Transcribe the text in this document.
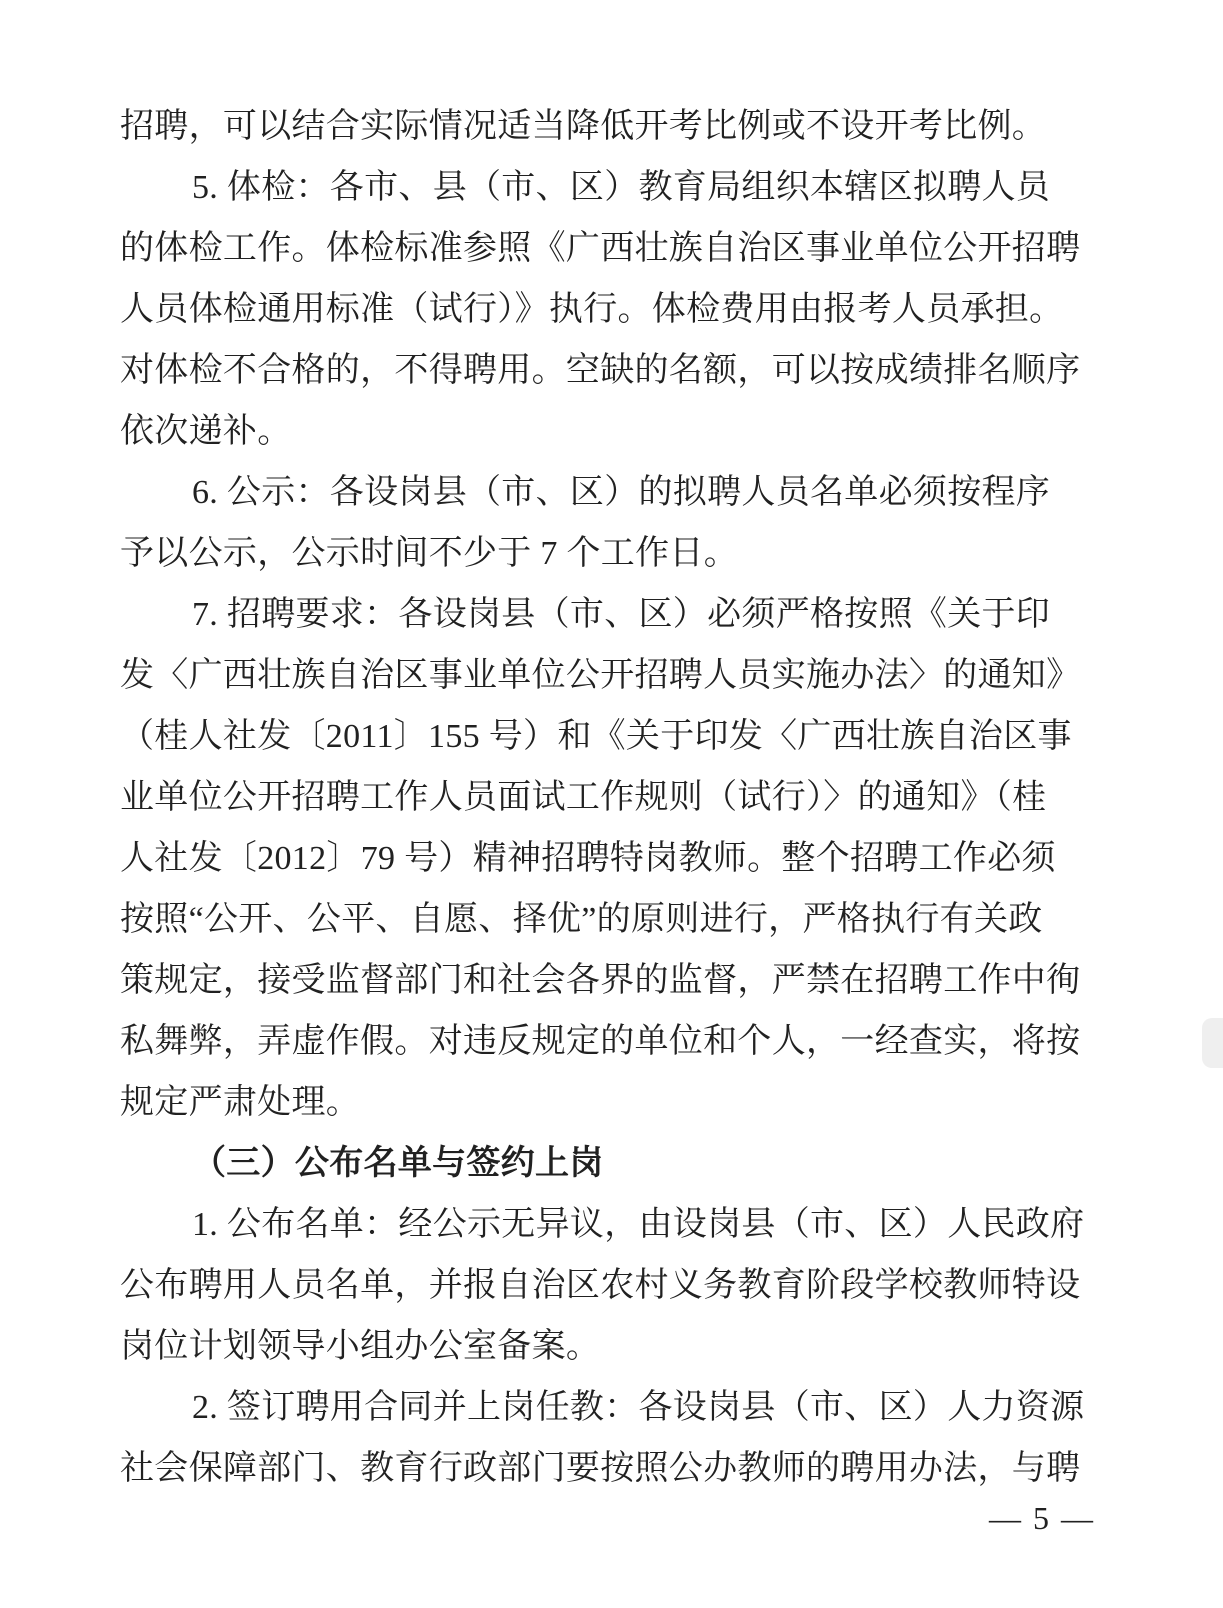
招聘，可以结合实际情况适当降低开考比例或不设开考比例。
5. 体检：各市、县（市、区）教育局组织本辖区拟聘人员
的体检工作。体检标准参照《广西壮族自治区事业单位公开招聘
人员体检通用标准（试行）》执行。体检费用由报考人员承担。
对体检不合格的，不得聘用。空缺的名额，可以按成绩排名顺序
依次递补。
6. 公示：各设岗县（市、区）的拟聘人员名单必须按程序
予以公示，公示时间不少于 7 个工作日。
7. 招聘要求：各设岗县（市、区）必须严格按照《关于印
发〈广西壮族自治区事业单位公开招聘人员实施办法〉的通知》
（桂人社发〔2011〕155 号）和《关于印发〈广西壮族自治区事
业单位公开招聘工作人员面试工作规则（试行）〉的通知》（桂
人社发〔2012〕79 号）精神招聘特岗教师。整个招聘工作必须
按照“公开、公平、自愿、择优”的原则进行，严格执行有关政
策规定，接受监督部门和社会各界的监督，严禁在招聘工作中徇
私舞弊，弄虚作假。对违反规定的单位和个人，一经查实，将按
规定严肃处理。
（三）公布名单与签约上岗
1. 公布名单：经公示无异议，由设岗县（市、区）人民政府
公布聘用人员名单，并报自治区农村义务教育阶段学校教师特设
岗位计划领导小组办公室备案。
2. 签订聘用合同并上岗任教：各设岗县（市、区）人力资源
社会保障部门、教育行政部门要按照公办教师的聘用办法，与聘
— 5 —
